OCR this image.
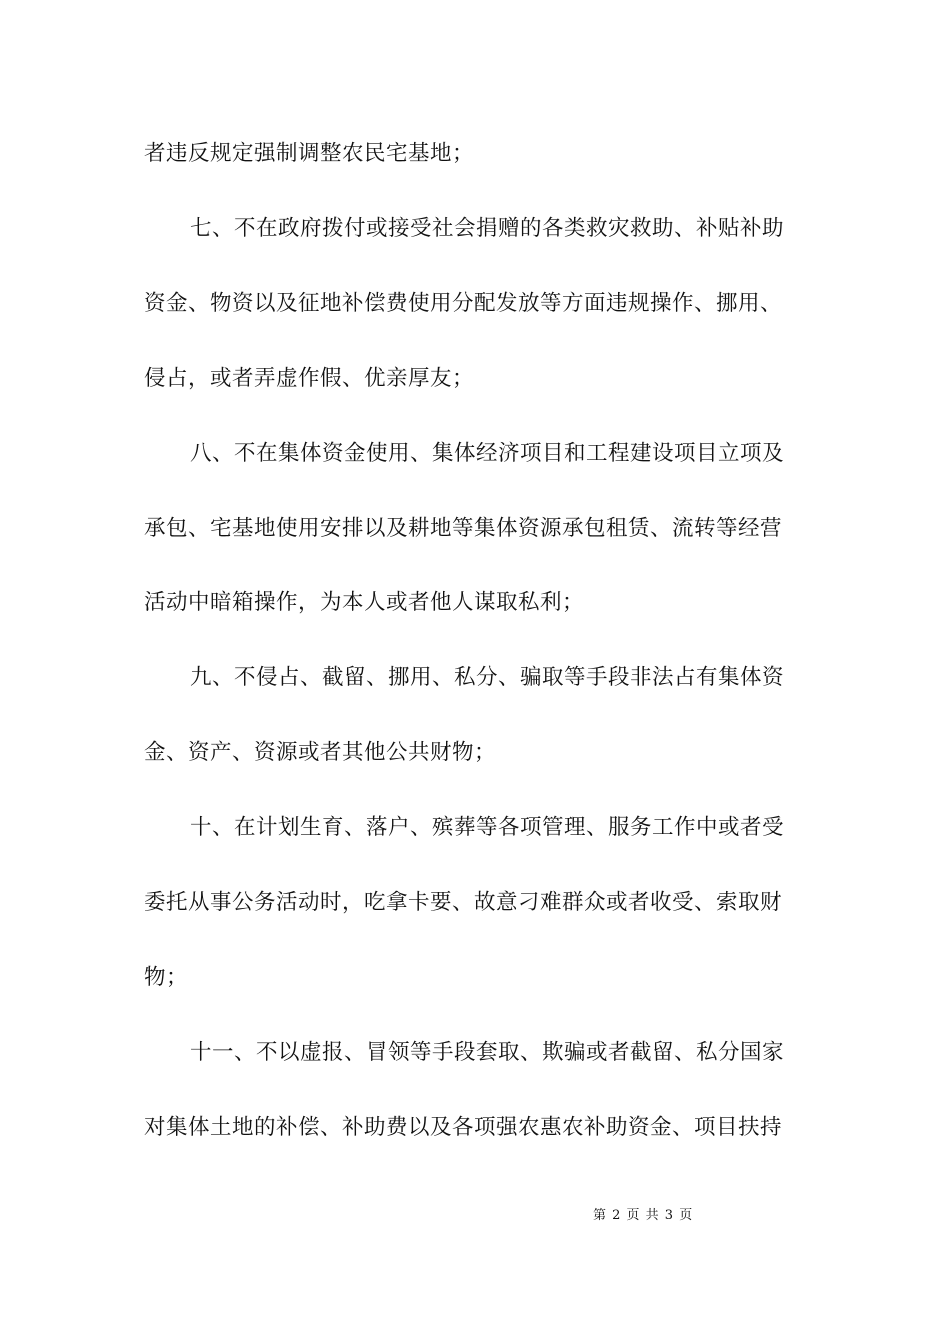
者违反规定强制调整农民宅基地；
七、不在政府拨付或接受社会捐赠的各类救灾救助、补贴补助
资金、物资以及征地补偿费使用分配发放等方面违规操作、挪用、
侵占，或者弄虚作假、优亲厚友；
八、不在集体资金使用、集体经济项目和工程建设项目立项及
承包、宅基地使用安排以及耕地等集体资源承包租赁、流转等经营
活动中暗箱操作，为本人或者他人谋取私利；
九、不侵占、截留、挪用、私分、骗取等手段非法占有集体资
金、资产、资源或者其他公共财物；
十、在计划生育、落户、殡葬等各项管理、服务工作中或者受
委托从事公务活动时，吃拿卡要、故意刁难群众或者收受、索取财
物；
十一、不以虚报、冒领等手段套取、欺骗或者截留、私分国家
对集体土地的补偿、补助费以及各项强农惠农补助资金、项目扶持
第 2 页 共 3 页
